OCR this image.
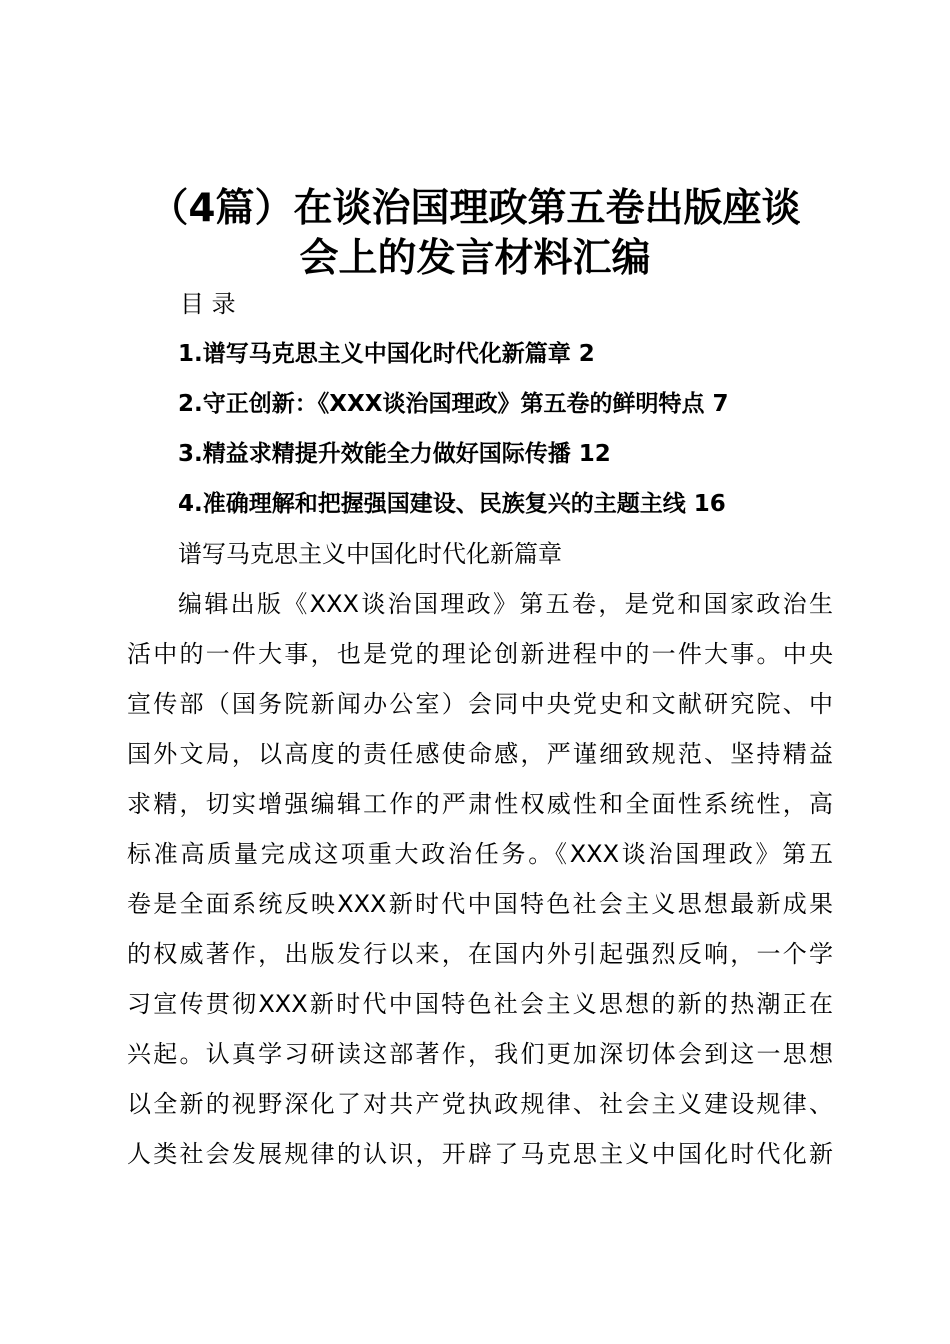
（4篇）在谈治国理政第五卷出版座谈
会上的发言材料汇编
目 录
1.谱写马克思主义中国化时代化新篇章 2
2.守正创新：《XXX谈治国理政》第五卷的鲜明特点 7
3.精益求精提升效能全力做好国际传播 12
4.准确理解和把握强国建设、民族复兴的主题主线 16
谱写马克思主义中国化时代化新篇章
编辑出版《XXX谈治国理政》第五卷，是党和国家政治生
活中的一件大事，也是党的理论创新进程中的一件大事。中央
宣传部（国务院新闻办公室）会同中央党史和文献研究院、中
国外文局，以高度的责任感使命感，严谨细致规范、坚持精益
求精，切实增强编辑工作的严肃性权威性和全面性系统性，高
标准高质量完成这项重大政治任务。《XXX谈治国理政》第五
卷是全面系统反映XXX新时代中国特色社会主义思想最新成果
的权威著作，出版发行以来，在国内外引起强烈反响，一个学
习宣传贯彻XXX新时代中国特色社会主义思想的新的热潮正在
兴起。认真学习研读这部著作，我们更加深切体会到这一思想
以全新的视野深化了对共产党执政规律、社会主义建设规律、
人类社会发展规律的认识，开辟了马克思主义中国化时代化新
